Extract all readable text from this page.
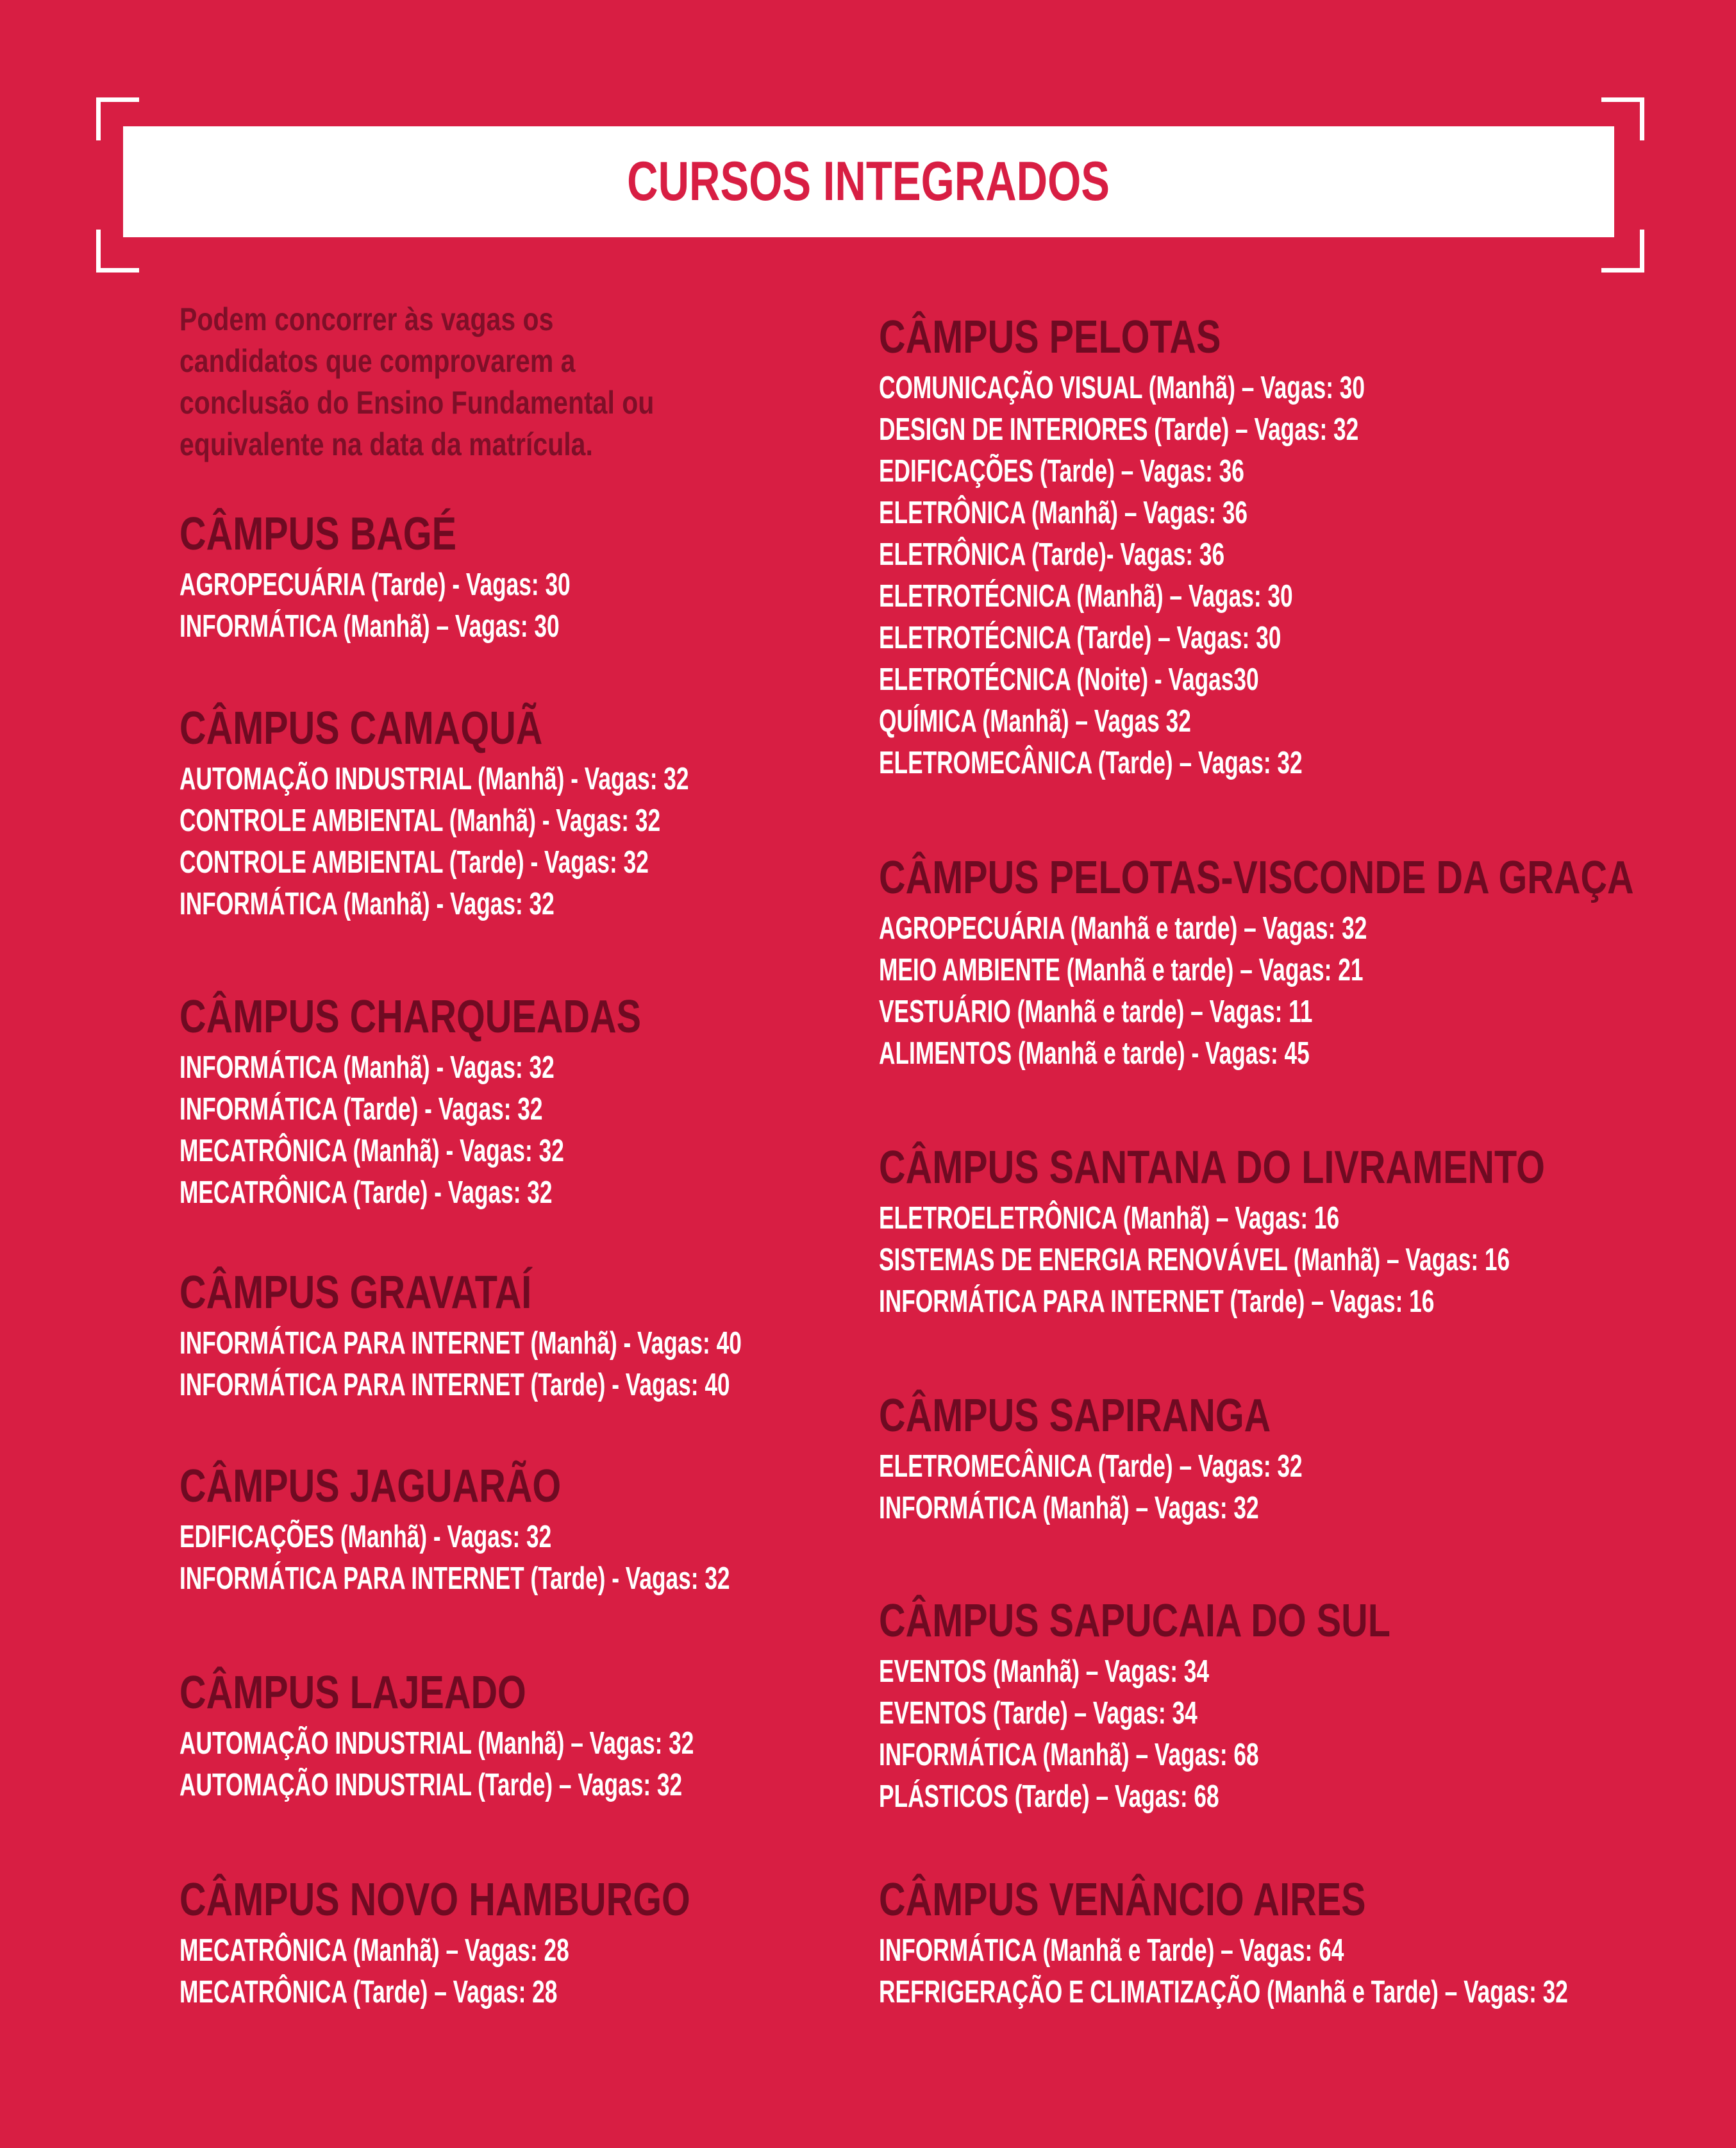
CURSOS INTEGRADOS
Podem concorrer às vagas os
candidatos que comprovarem a
conclusão do Ensino Fundamental ou
equivalente na data da matrícula.
CÂMPUS BAGÉ
AGROPECUÁRIA (Tarde) - Vagas: 30
INFORMÁTICA (Manhã) – Vagas: 30
CÂMPUS CAMAQUÃ
AUTOMAÇÃO INDUSTRIAL (Manhã) - Vagas: 32
CONTROLE AMBIENTAL (Manhã) - Vagas: 32
CONTROLE AMBIENTAL (Tarde) - Vagas: 32
INFORMÁTICA (Manhã) - Vagas: 32
CÂMPUS CHARQUEADAS
INFORMÁTICA (Manhã) - Vagas: 32
INFORMÁTICA (Tarde) - Vagas: 32
MECATRÔNICA (Manhã) - Vagas: 32
MECATRÔNICA (Tarde) - Vagas: 32
CÂMPUS GRAVATAÍ
INFORMÁTICA PARA INTERNET (Manhã) - Vagas: 40
INFORMÁTICA PARA INTERNET (Tarde) - Vagas: 40
CÂMPUS JAGUARÃO
EDIFICAÇÕES (Manhã) - Vagas: 32
INFORMÁTICA PARA INTERNET (Tarde) - Vagas: 32
CÂMPUS LAJEADO
AUTOMAÇÃO INDUSTRIAL (Manhã) – Vagas: 32
AUTOMAÇÃO INDUSTRIAL (Tarde) – Vagas: 32
CÂMPUS NOVO HAMBURGO
MECATRÔNICA (Manhã) – Vagas: 28
MECATRÔNICA (Tarde) – Vagas: 28
CÂMPUS PELOTAS
COMUNICAÇÃO VISUAL (Manhã) – Vagas: 30
DESIGN DE INTERIORES (Tarde) – Vagas: 32
EDIFICAÇÕES (Tarde) – Vagas: 36
ELETRÔNICA (Manhã) – Vagas: 36
ELETRÔNICA (Tarde)- Vagas: 36
ELETROTÉCNICA (Manhã) – Vagas: 30
ELETROTÉCNICA (Tarde) – Vagas: 30
ELETROTÉCNICA (Noite) - Vagas30
QUÍMICA (Manhã) – Vagas 32
ELETROMECÂNICA (Tarde) – Vagas: 32
CÂMPUS PELOTAS-VISCONDE DA GRAÇA
AGROPECUÁRIA (Manhã e tarde) – Vagas: 32
MEIO AMBIENTE (Manhã e tarde) – Vagas: 21
VESTUÁRIO (Manhã e tarde) – Vagas: 11
ALIMENTOS (Manhã e tarde) - Vagas: 45
CÂMPUS SANTANA DO LIVRAMENTO
ELETROELETRÔNICA (Manhã) – Vagas: 16
SISTEMAS DE ENERGIA RENOVÁVEL (Manhã) – Vagas: 16
INFORMÁTICA PARA INTERNET (Tarde) – Vagas: 16
CÂMPUS SAPIRANGA
ELETROMECÂNICA (Tarde) – Vagas: 32
INFORMÁTICA (Manhã) – Vagas: 32
CÂMPUS SAPUCAIA DO SUL
EVENTOS (Manhã) – Vagas: 34
EVENTOS (Tarde) – Vagas: 34
INFORMÁTICA (Manhã) – Vagas: 68
PLÁSTICOS (Tarde) – Vagas: 68
CÂMPUS VENÂNCIO AIRES
INFORMÁTICA (Manhã e Tarde) – Vagas: 64
REFRIGERAÇÃO E CLIMATIZAÇÃO (Manhã e Tarde) – Vagas: 32
